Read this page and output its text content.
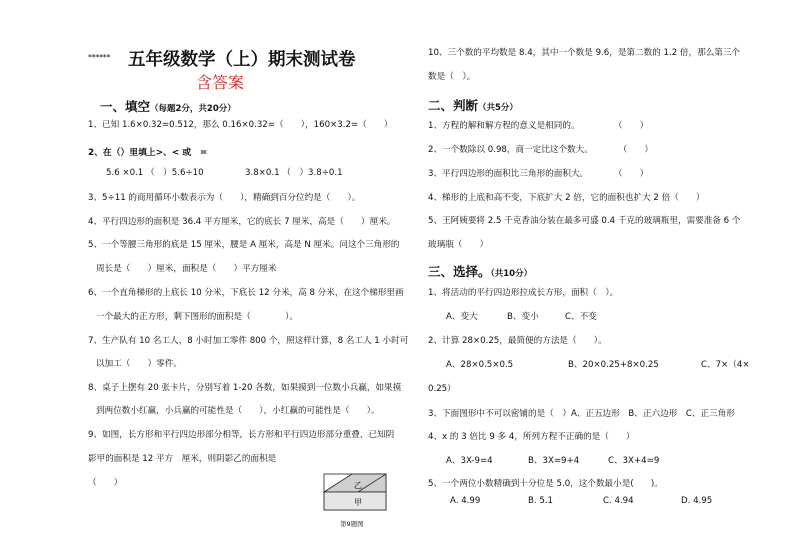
****** 五年级数学（上）期末测试卷
含答案
一、填空（每题2分，共20分）
1、已知 1.6×0.32=0.512，那么 0.16×0.32=（　　），160×3.2=（　　）
2、在（）里填上>、< 或　=
5.6 ×0.1 （　）5.6÷10	3.8×0.1 （　）3.8÷0.1
3、5÷11 的商用循环小数表示为（　　），精确到百分位约是（　　）。
4、平行四边形的面积是 36.4 平方厘米，它的底长 7 厘米，高是（　　）厘米。
5、一个等腰三角形的底是 15 厘米，腰是 A 厘米，高是 N 厘米。问这个三角形的
周长是（　　）厘米，面积是（　　）平方厘米
6、一个直角梯形的上底长 10 分米，下底长 12 分米，高 8 分米，在这个梯形里画
一个最大的正方形，剩下图形的面积是（　　　　）。
7、生产队有 10 名工人，8 小时加工零件 800 个，照这样计算，8 名工人 1 小时可
以加工（　　）零件。
8、桌子上摆有 20 张卡片，分别写着 1-20 各数，如果摸到一位数小兵赢，如果摸
到两位数小红赢，小兵赢的可能性是（　　），小红赢的可能性是（　　）。
9、如图，长方形和平行四边形部分相等，长方形和平行四边形部分重叠，已知阴
影甲的面积是 12 平方　厘米，则阴影乙的面积是
（　　）	乙
甲
第9题图
10、三个数的平均数是 8.4，其中一个数是 9.6，是第二数的 1.2 倍，那么第三个
数是（　）。
二、判断（共5分）
1、方程的解和解方程的意义是相同的。　　　　　（　　）
2、一个数除以 0.98，商一定比这个数大。　　　　（　　）
3、平行四边形的面积比三角形的面积大。　　　　（　　）
4、梯形的上底和高不变，下底扩大 2 倍，它的面积也扩大 2 倍（　　）
5、王阿姨要将 2.5 千克香油分装在最多可盛 0.4 千克的玻璃瓶里，需要准备 6 个
玻璃瓶（　　）
三、选择。（共10分）
1、将活动的平行四边形拉成长方形，面积（　）。
A、变大	B、变小	C、不变
2、计算 28×0.25，最简便的方法是（　　）。
A、28×0.5×0.5	B、20×0.25+8×0.25	C、7×（4×
0.25）
3、下面图形中不可以密铺的是（　）A、正五边形　B、正六边形　C、正三角形
4、x 的 3 倍比 9 多 4，所列方程不正确的是（　　）
A、3X-9=4	B、3X=9+4	C、3X+4=9
5、一个两位小数精确到十分位是 5.0，这个数最小是(　　)。
A. 4.99	B. 5.1	C. 4.94	D. 4.95
